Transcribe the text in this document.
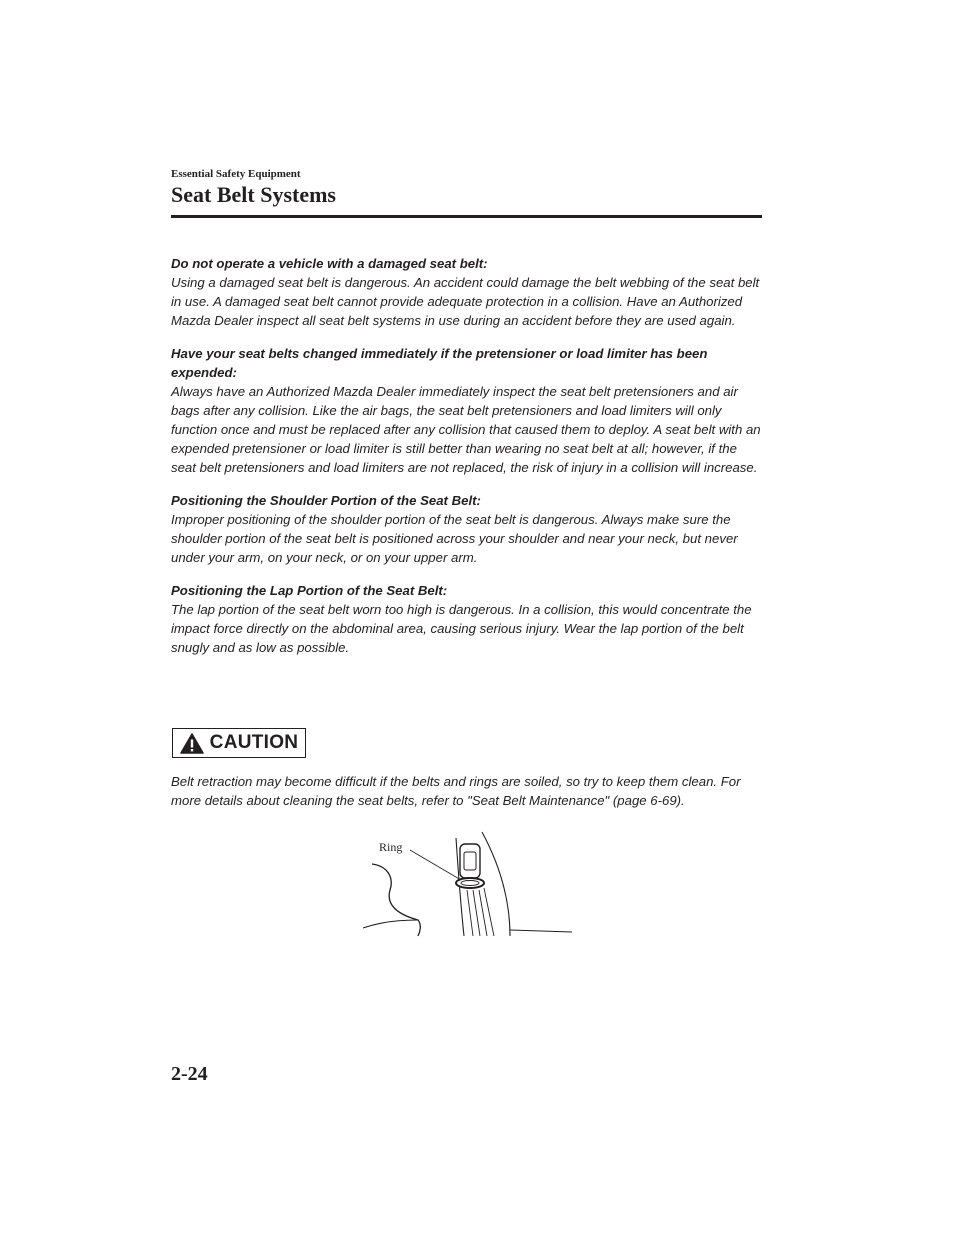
Essential Safety Equipment
Seat Belt Systems
Do not operate a vehicle with a damaged seat belt:

Using a damaged seat belt is dangerous. An accident could damage the belt webbing of the seat belt in use. A damaged seat belt cannot provide adequate protection in a collision. Have an Authorized Mazda Dealer inspect all seat belt systems in use during an accident before they are used again.

Have your seat belts changed immediately if the pretensioner or load limiter has been expended:

Always have an Authorized Mazda Dealer immediately inspect the seat belt pretensioners and air bags after any collision. Like the air bags, the seat belt pretensioners and load limiters will only function once and must be replaced after any collision that caused them to deploy. A seat belt with an expended pretensioner or load limiter is still better than wearing no seat belt at all; however, if the seat belt pretensioners and load limiters are not replaced, the risk of injury in a collision will increase.

Positioning the Shoulder Portion of the Seat Belt:

Improper positioning of the shoulder portion of the seat belt is dangerous. Always make sure the shoulder portion of the seat belt is positioned across your shoulder and near your neck, but never under your arm, on your neck, or on your upper arm.

Positioning the Lap Portion of the Seat Belt:

The lap portion of the seat belt worn too high is dangerous. In a collision, this would concentrate the impact force directly on the abdominal area, causing serious injury. Wear the lap portion of the belt snugly and as low as possible.

CAUTION

Belt retraction may become difficult if the belts and rings are soiled, so try to keep them clean. For more details about cleaning the seat belts, refer to "Seat Belt Maintenance" (page 6-69).

Ring
2-24
